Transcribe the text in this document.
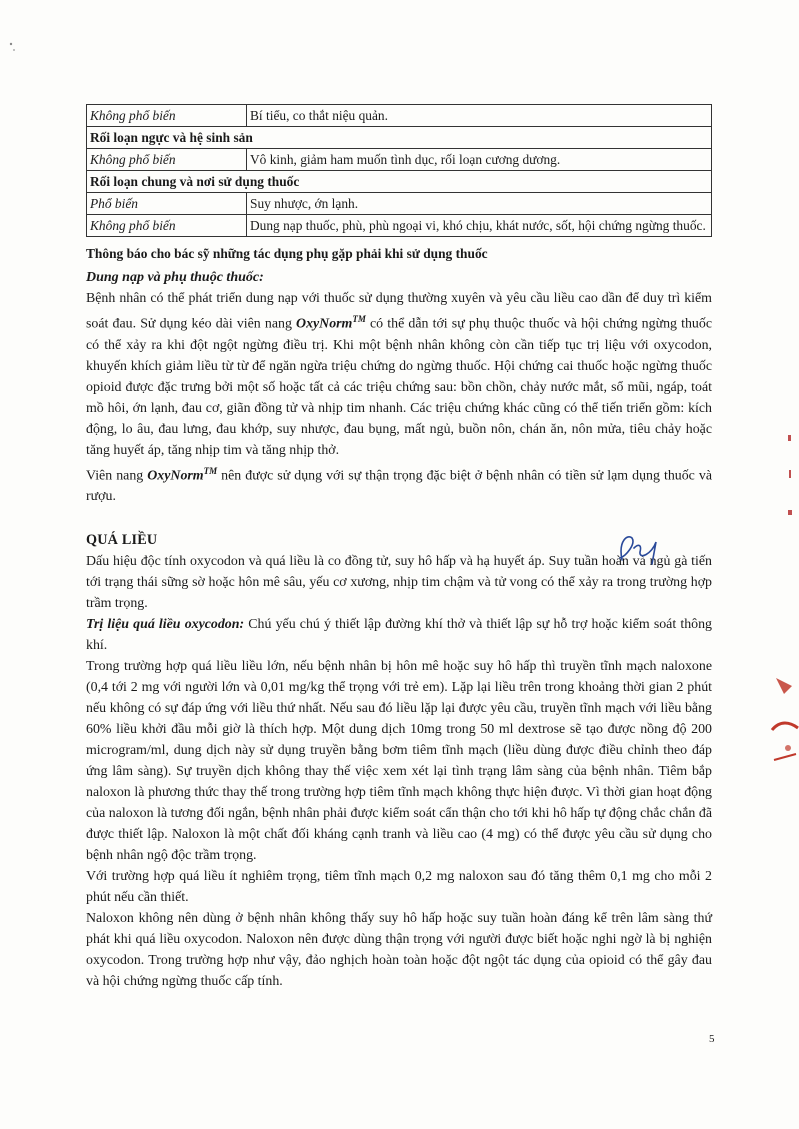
Không phổ biến	Bí tiểu, co thắt niệu quản.
Rối loạn ngực và hệ sinh sản	
Không phổ biến	Vô kinh, giảm ham muốn tình dục, rối loạn cương dương.
Rối loạn chung và nơi sử dụng thuốc	
Phổ biến	Suy nhược, ớn lạnh.
Không phổ biến	Dung nạp thuốc, phù, phù ngoại vi, khó chịu, khát nước, sốt, hội chứng ngừng thuốc.
Thông báo cho bác sỹ những tác dụng phụ gặp phải khi sử dụng thuốc
Dung nạp và phụ thuộc thuốc:

Bệnh nhân có thể phát triển dung nạp với thuốc sử dụng thường xuyên và yêu cầu liều cao dần để duy trì kiểm soát đau. Sử dụng kéo dài viên nang OxyNorm™ có thể dẫn tới sự phụ thuộc thuốc và hội chứng ngừng thuốc có thể xảy ra khi đột ngột ngừng điều trị. Khi một bệnh nhân không còn cần tiếp tục trị liệu với oxycodon, khuyến khích giảm liều từ từ để ngăn ngừa triệu chứng do ngừng thuốc. Hội chứng cai thuốc hoặc ngừng thuốc opioid được đặc trưng bởi một số hoặc tất cả các triệu chứng sau: bồn chồn, chảy nước mắt, sổ mũi, ngáp, toát mồ hôi, ớn lạnh, đau cơ, giãn đồng tử và nhịp tim nhanh. Các triệu chứng khác cũng có thể tiến triển gồm: kích động, lo âu, đau lưng, đau khớp, suy nhược, đau bụng, mất ngủ, buồn nôn, chán ăn, nôn mửa, tiêu chảy hoặc tăng huyết áp, tăng nhịp tim và tăng nhịp thở.

Viên nang OxyNorm™ nên được sử dụng với sự thận trọng đặc biệt ở bệnh nhân có tiền sử lạm dụng thuốc và rượu.

QUÁ LIỀU

Dấu hiệu độc tính oxycodon và quá liều là co đồng tử, suy hô hấp và hạ huyết áp. Suy tuần hoàn và ngủ gà tiến tới trạng thái sững sờ hoặc hôn mê sâu, yếu cơ xương, nhịp tim chậm và tử vong có thể xảy ra trong trường hợp trầm trọng.

Trị liệu quá liều oxycodon: Chú yếu chú ý thiết lập đường khí thở và thiết lập sự hỗ trợ hoặc kiểm soát thông khí.

Trong trường hợp quá liều liều lớn, nếu bệnh nhân bị hôn mê hoặc suy hô hấp thì truyền tĩnh mạch naloxone (0,4 tới 2 mg với người lớn và 0,01 mg/kg thể trọng với trẻ em). Lặp lại liều trên trong khoảng thời gian 2 phút nếu không có sự đáp ứng với liều thứ nhất. Nếu sau đó liều lặp lại được yêu cầu, truyền tĩnh mạch với liều bằng 60% liều khởi đầu mỗi giờ là thích hợp. Một dung dịch 10mg trong 50 ml dextrose sẽ tạo được nồng độ 200 microgram/ml, dung dịch này sử dụng truyền bằng bơm tiêm tĩnh mạch (liều dùng được điều chỉnh theo đáp ứng lâm sàng). Sự truyền dịch không thay thế việc xem xét lại tình trạng lâm sàng của bệnh nhân. Tiêm bắp naloxon là phương thức thay thế trong trường hợp tiêm tĩnh mạch không thực hiện được. Vì thời gian hoạt động của naloxon là tương đối ngắn, bệnh nhân phải được kiểm soát cẩn thận cho tới khi hô hấp tự động chắc chắn đã được thiết lập. Naloxon là một chất đối kháng cạnh tranh và liều cao (4 mg) có thể được yêu cầu sử dụng cho bệnh nhân ngộ độc trầm trọng.

Với trường hợp quá liều ít nghiêm trọng, tiêm tĩnh mạch 0,2 mg naloxon sau đó tăng thêm 0,1 mg cho mỗi 2 phút nếu cần thiết.

Naloxon không nên dùng ở bệnh nhân không thấy suy hô hấp hoặc suy tuần hoàn đáng kể trên lâm sàng thứ phát khi quá liều oxycodon. Naloxon nên được dùng thận trọng với người được biết hoặc nghi ngờ là bị nghiện oxycodon. Trong trường hợp như vậy, đảo nghịch hoàn toàn hoặc đột ngột tác dụng của opioid có thể gây đau và hội chứng ngừng thuốc cấp tính.

5
